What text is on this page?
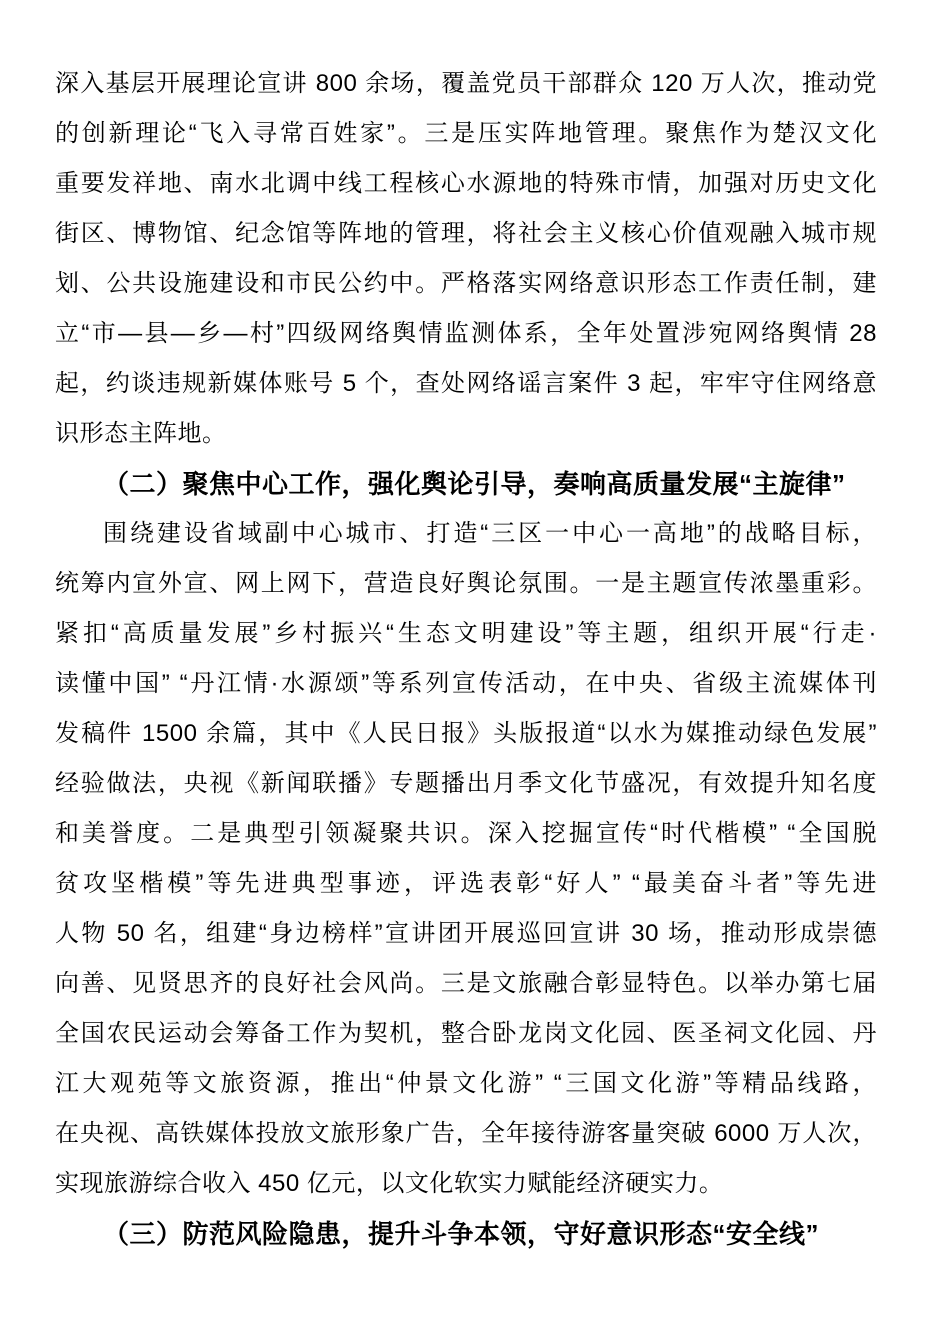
深入基层开展理论宣讲 800 余场，覆盖党员干部群众 120 万人次，推动党
的创新理论“飞入寻常百姓家”。三是压实阵地管理。聚焦作为楚汉文化
重要发祥地、南水北调中线工程核心水源地的特殊市情，加强对历史文化
街区、博物馆、纪念馆等阵地的管理，将社会主义核心价值观融入城市规
划、公共设施建设和市民公约中。严格落实网络意识形态工作责任制，建
立“市—县—乡—村”四级网络舆情监测体系，全年处置涉宛网络舆情 28
起，约谈违规新媒体账号 5 个，查处网络谣言案件 3 起，牢牢守住网络意
识形态主阵地。
（二）聚焦中心工作，强化舆论引导，奏响高质量发展“主旋律”
围绕建设省域副中心城市、打造“三区一中心一高地”的战略目标，
统筹内宣外宣、网上网下，营造良好舆论氛围。一是主题宣传浓墨重彩。
紧扣“高质量发展”乡村振兴“生态文明建设”等主题，组织开展“行走·
读懂中国” “丹江情·水源颂”等系列宣传活动，在中央、省级主流媒体刊
发稿件 1500 余篇，其中《人民日报》头版报道“以水为媒推动绿色发展”
经验做法，央视《新闻联播》专题播出月季文化节盛况，有效提升知名度
和美誉度。二是典型引领凝聚共识。深入挖掘宣传“时代楷模” “全国脱
贫攻坚楷模”等先进典型事迹，评选表彰“好人” “最美奋斗者”等先进
人物 50 名，组建“身边榜样”宣讲团开展巡回宣讲 30 场，推动形成崇德
向善、见贤思齐的良好社会风尚。三是文旅融合彰显特色。以举办第七届
全国农民运动会筹备工作为契机，整合卧龙岗文化园、医圣祠文化园、丹
江大观苑等文旅资源，推出“仲景文化游” “三国文化游”等精品线路，
在央视、高铁媒体投放文旅形象广告，全年接待游客量突破 6000 万人次，
实现旅游综合收入 450 亿元，以文化软实力赋能经济硬实力。
（三）防范风险隐患，提升斗争本领，守好意识形态“安全线”
